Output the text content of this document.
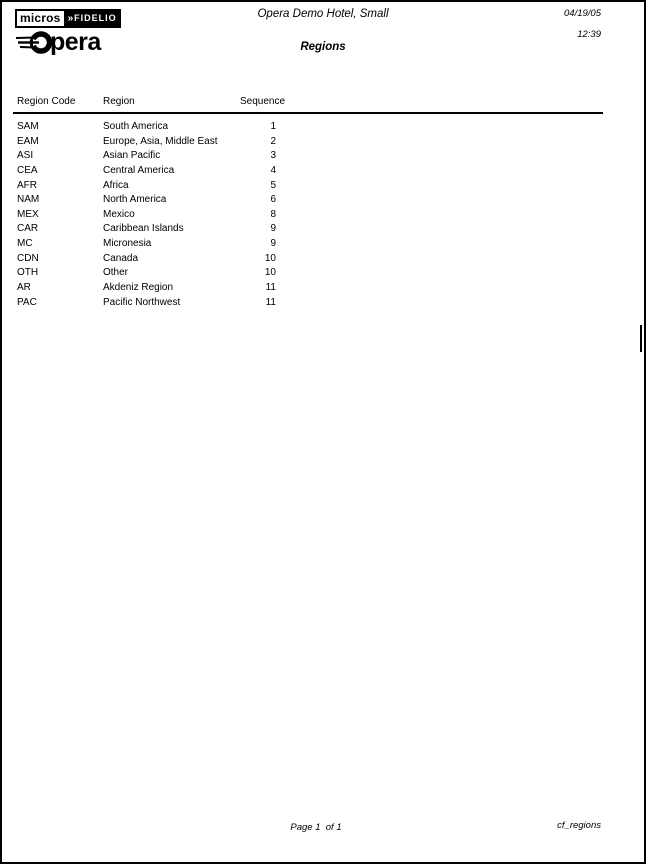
micros » FIDELIO
pera
Opera Demo Hotel, Small
Regions
04/19/05
12:39
Region Code	Region	Sequence
SAM	South America	1
EAM	Europe, Asia, Middle East	2
ASI	Asian Pacific	3
CEA	Central America	4
AFR	Africa	5
NAM	North America	6
MEX	Mexico	8
CAR	Caribbean Islands	9
MC	Micronesia	9
CDN	Canada	10
OTH	Other	10
AR	Akdeniz Region	11
PAC	Pacific Northwest	11
Page 1  of 1	cf_regions
